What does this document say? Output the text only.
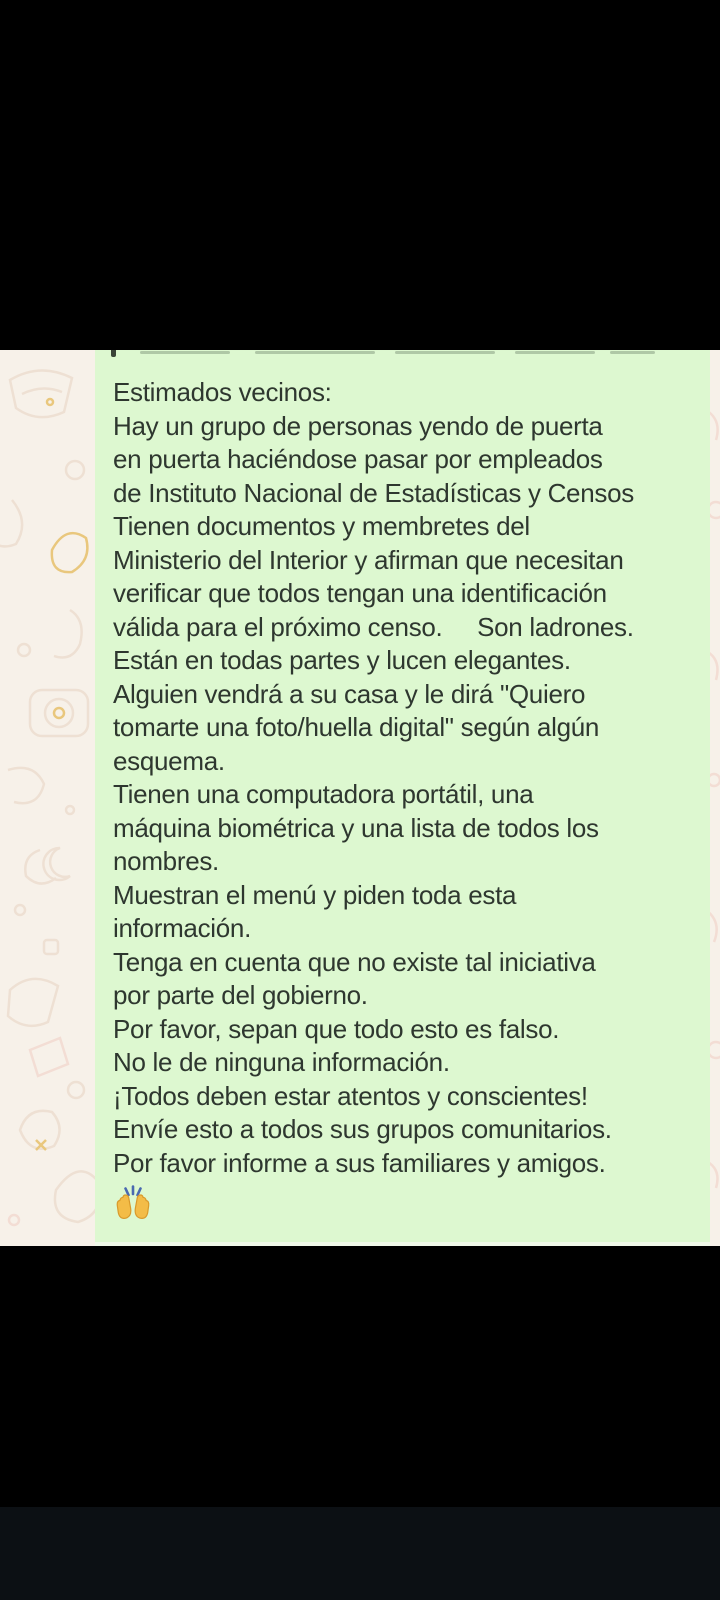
Estimados vecinos:
Hay un grupo de personas yendo de puerta
en puerta haciéndose pasar por empleados
de Instituto Nacional de Estadísticas y Censos
Tienen documentos y membretes del
Ministerio del Interior y afirman que necesitan
verificar que todos tengan una identificación
válida para el próximo censo.     Son ladrones.
Están en todas partes y lucen elegantes.
Alguien vendrá a su casa y le dirá "Quiero
tomarte una foto/huella digital" según algún
esquema.
Tienen una computadora portátil, una
máquina biométrica y una lista de todos los
nombres.
Muestran el menú y piden toda esta
información.
Tenga en cuenta que no existe tal iniciativa
por parte del gobierno.
Por favor, sepan que todo esto es falso.
No le de ninguna información.
¡Todos deben estar atentos y conscientes!
Envíe esto a todos sus grupos comunitarios.
Por favor informe a sus familiares y amigos.
